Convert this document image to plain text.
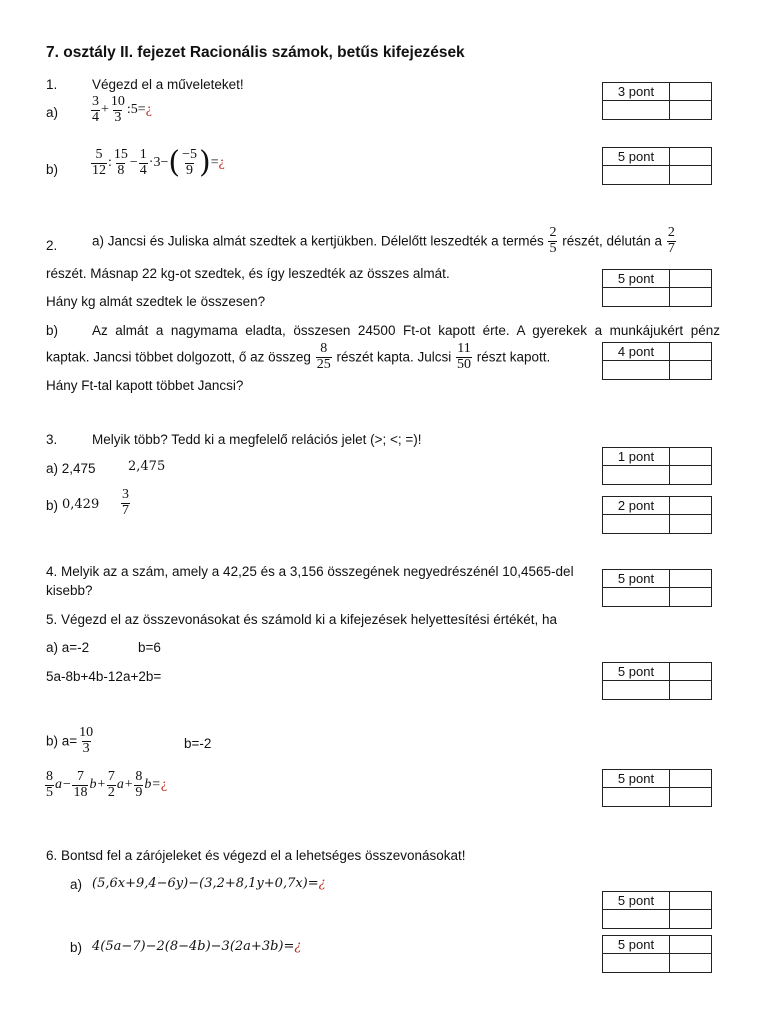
7. osztály II. fejezet Racionális számok, betűs kifejezések
1.	Végezd el a műveleteket!
$a) \frac{3}{4} + \frac{10}{3}$ :5=¿
$b) \frac{5}{12}$ : $\frac{15}{8} - \frac{1}{4} \cdot 3-( \frac{-5}{9}$ )=¿
2.	a) Jancsi és Juliska almát szedtek a kertjükben. Délelőtt leszedték a termés $\frac{2}{5}$ részét, délután a $\frac{2}{7}$
részét. Másnap 22 kg-ot szedtek, és így leszedték az összes almát.
Hány kg almát szedtek le összesen?
b)	Az almát a nagymama eladta, összesen 24500 Ft-ot kapott érte. A gyerekek a munkájukért pénz
kaptak. Jancsi többet dolgozott, ő az összeg $\frac{8}{25}$ részét kapta. Julcsi $\frac{11}{50}$ részt kapott.
Hány Ft-tal kapott többet Jancsi?
3.	Melyik több? Tedd ki a megfelelő relációs jelet (>; <; =)!
a) 2,475 2,475̇
b) $0,429 \frac{3}{7}$
4. Melyik az a szám, amely a 42,25 és a 3,156 összegének negyedrészénél 10,4565-del
kisebb?
5. Végezd el az összevonásokat és számold ki a kifejezések helyettesítési értékét, ha
a) a=-2	b=6
5a-8b+4b-12a+2b=
b) $a= \frac{10}{3}$	b=-2
$\frac{8}{5} a- \frac{7}{18} b+ \frac{7}{2} a+ \frac{8}{9}$ b=¿
6. Bontsd fel a zárójeleket és végezd el a lehetséges összevonásokat!
a) (5,6x+9,4−6y)−(3,2+8,1y+0,7x)=¿
b) 4(5a−7)−2(8−4b)−3(2a+3b)=¿
3 pont
5 pont
5 pont
4 pont
1 pont
2 pont
5 pont
5 pont
5 pont
5 pont
5 pont
